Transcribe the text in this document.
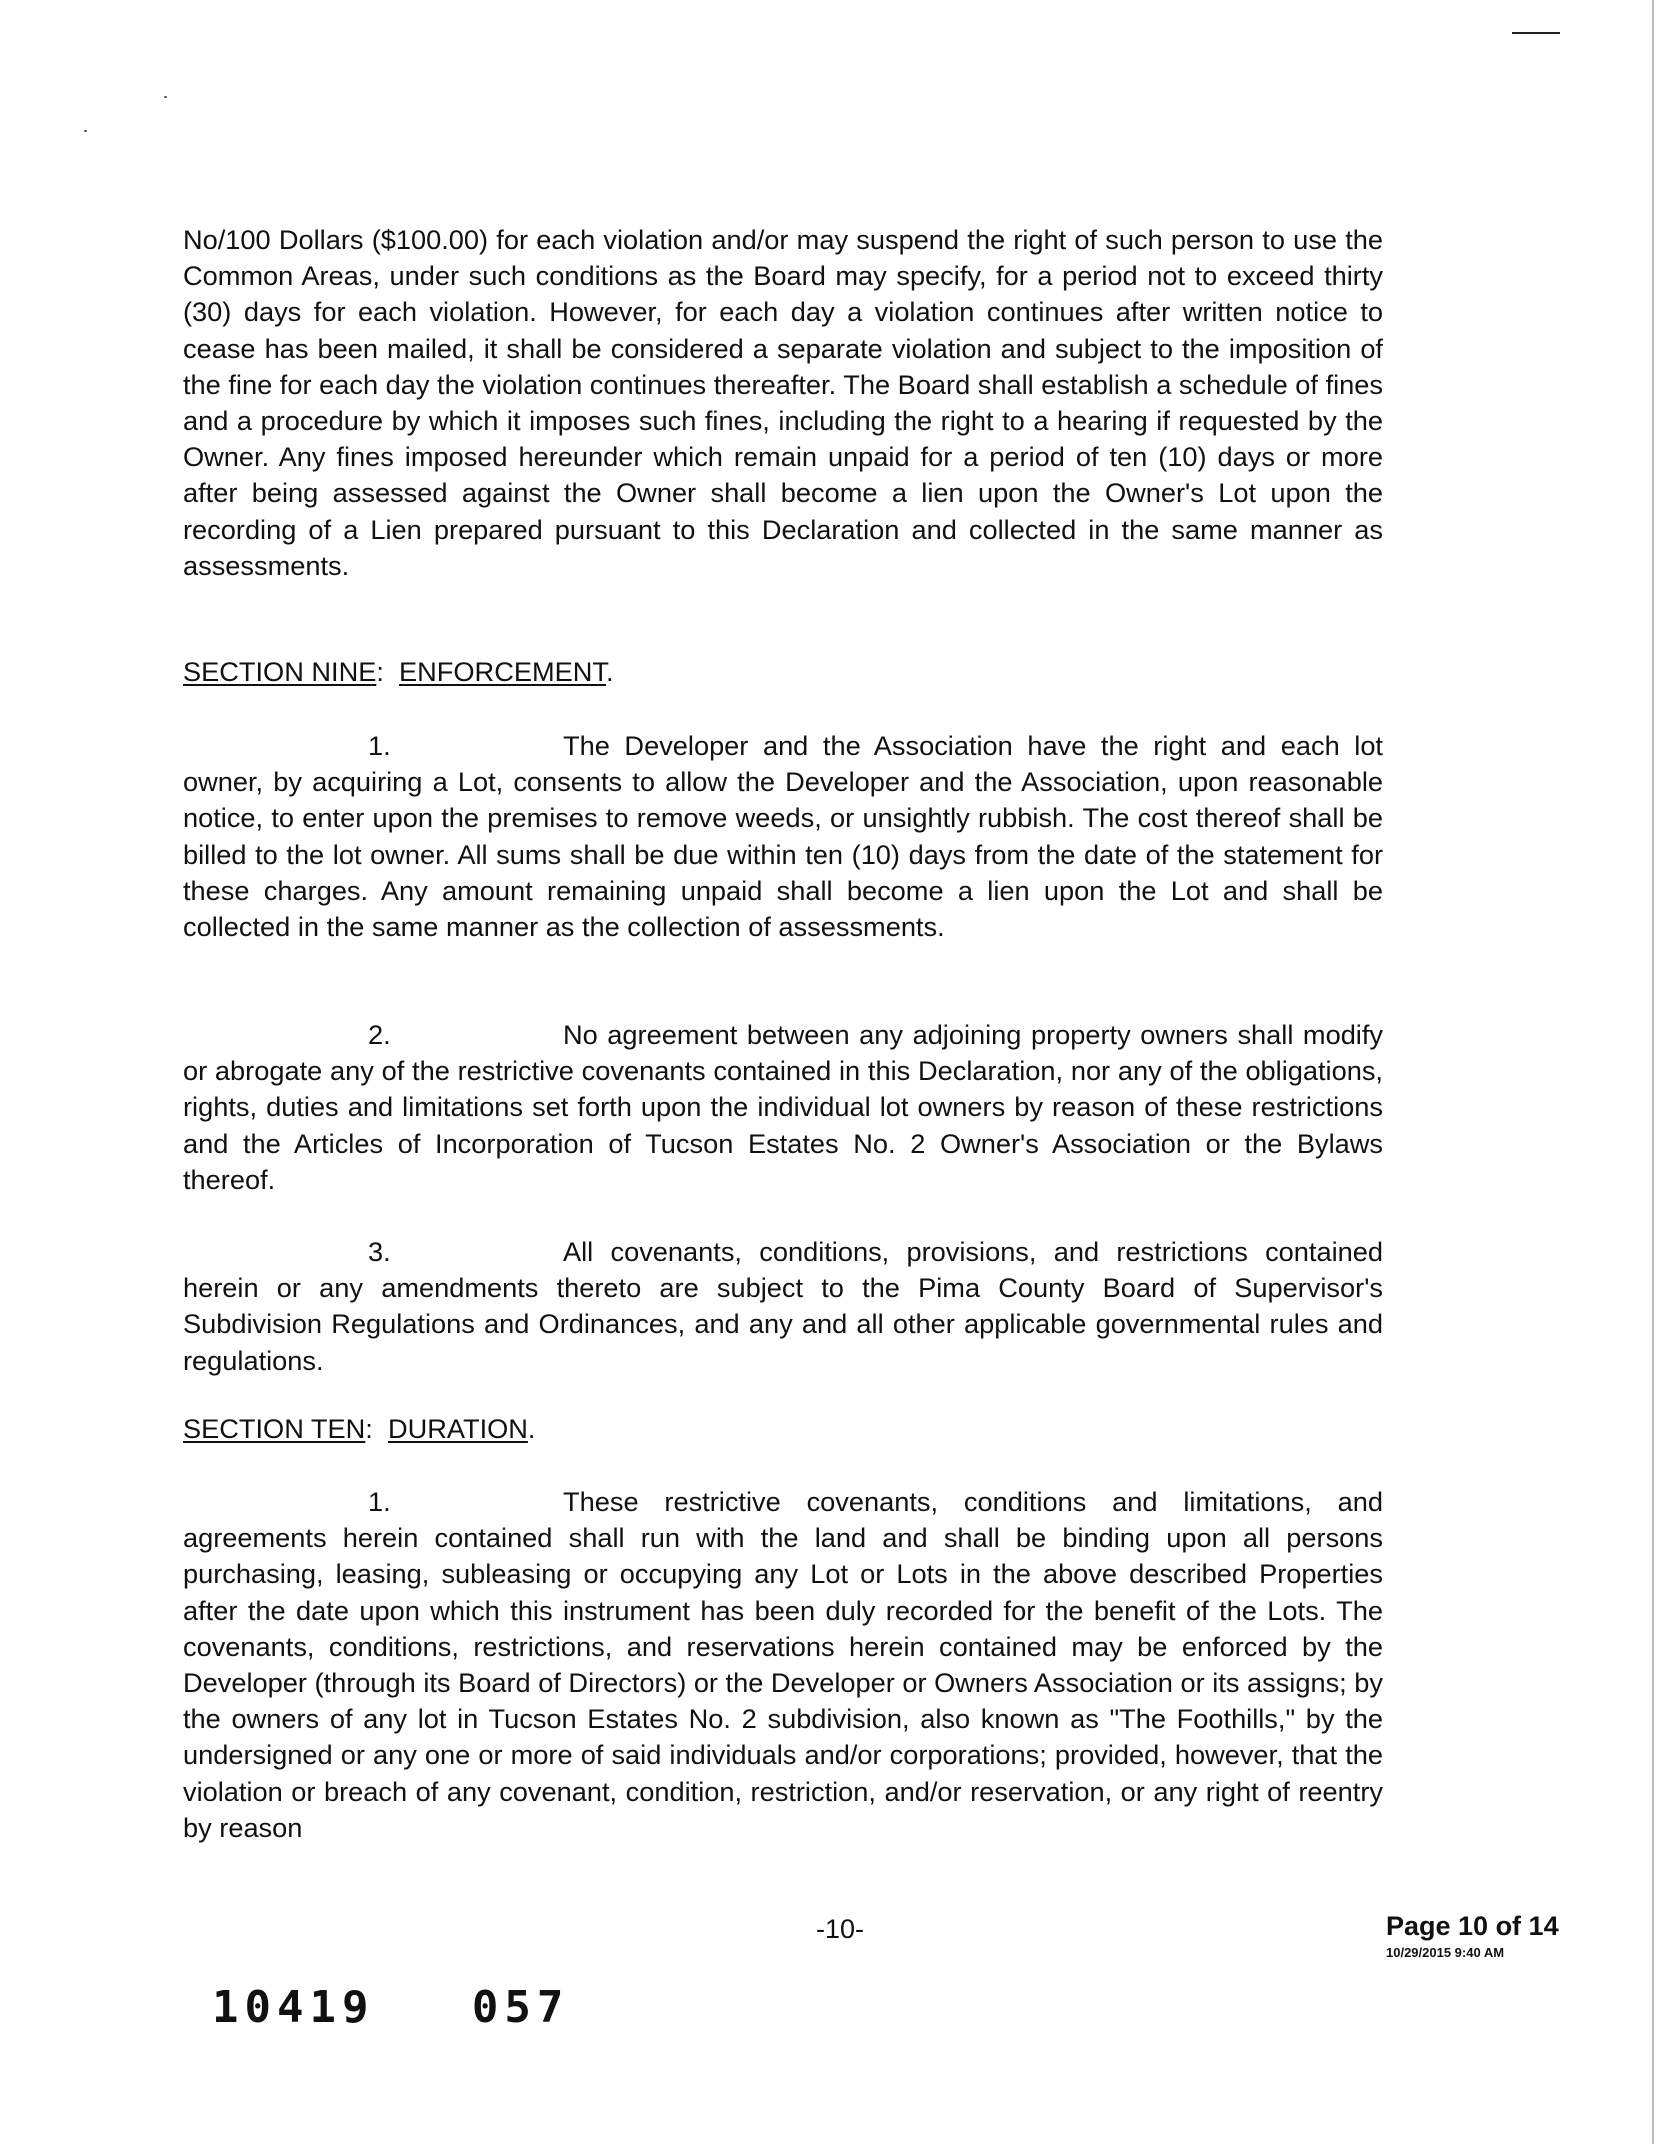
No/100 Dollars ($100.00) for each violation and/or may suspend the right of such person to use the Common Areas, under such conditions as the Board may specify, for a period not to exceed thirty (30) days for each violation. However, for each day a violation continues after written notice to cease has been mailed, it shall be considered a separate violation and subject to the imposition of the fine for each day the violation continues thereafter. The Board shall establish a schedule of fines and a procedure by which it imposes such fines, including the right to a hearing if requested by the Owner. Any fines imposed hereunder which remain unpaid for a period of ten (10) days or more after being assessed against the Owner shall become a lien upon the Owner's Lot upon the recording of a Lien prepared pursuant to this Declaration and collected in the same manner as assessments.

SECTION NINE:  ENFORCEMENT.

1.	The Developer and the Association have the right and each lot owner, by acquiring a Lot, consents to allow the Developer and the Association, upon reasonable notice, to enter upon the premises to remove weeds, or unsightly rubbish. The cost thereof shall be billed to the lot owner. All sums shall be due within ten (10) days from the date of the statement for these charges. Any amount remaining unpaid shall become a lien upon the Lot and shall be collected in the same manner as the collection of assessments.

2.	No agreement between any adjoining property owners shall modify or abrogate any of the restrictive covenants contained in this Declaration, nor any of the obligations, rights, duties and limitations set forth upon the individual lot owners by reason of these restrictions and the Articles of Incorporation of Tucson Estates No. 2 Owner's Association or the Bylaws thereof.

3.	All covenants, conditions, provisions, and restrictions contained herein or any amendments thereto are subject to the Pima County Board of Supervisor's Subdivision Regulations and Ordinances, and any and all other applicable governmental rules and regulations.

SECTION TEN:  DURATION.

1.	These restrictive covenants, conditions and limitations, and agreements herein contained shall run with the land and shall be binding upon all persons purchasing, leasing, subleasing or occupying any Lot or Lots in the above described Properties after the date upon which this instrument has been duly recorded for the benefit of the Lots. The covenants, conditions, restrictions, and reservations herein contained may be enforced by the Developer (through its Board of Directors) or the Developer or Owners Association or its assigns; by the owners of any lot in Tucson Estates No. 2 subdivision, also known as "The Foothills," by the undersigned or any one or more of said individuals and/or corporations; provided, however, that the violation or breach of any covenant, condition, restriction, and/or reservation, or any right of reentry by reason

-10-	Page 10 of 14
10/29/2015 9:40 AM
10419   057
